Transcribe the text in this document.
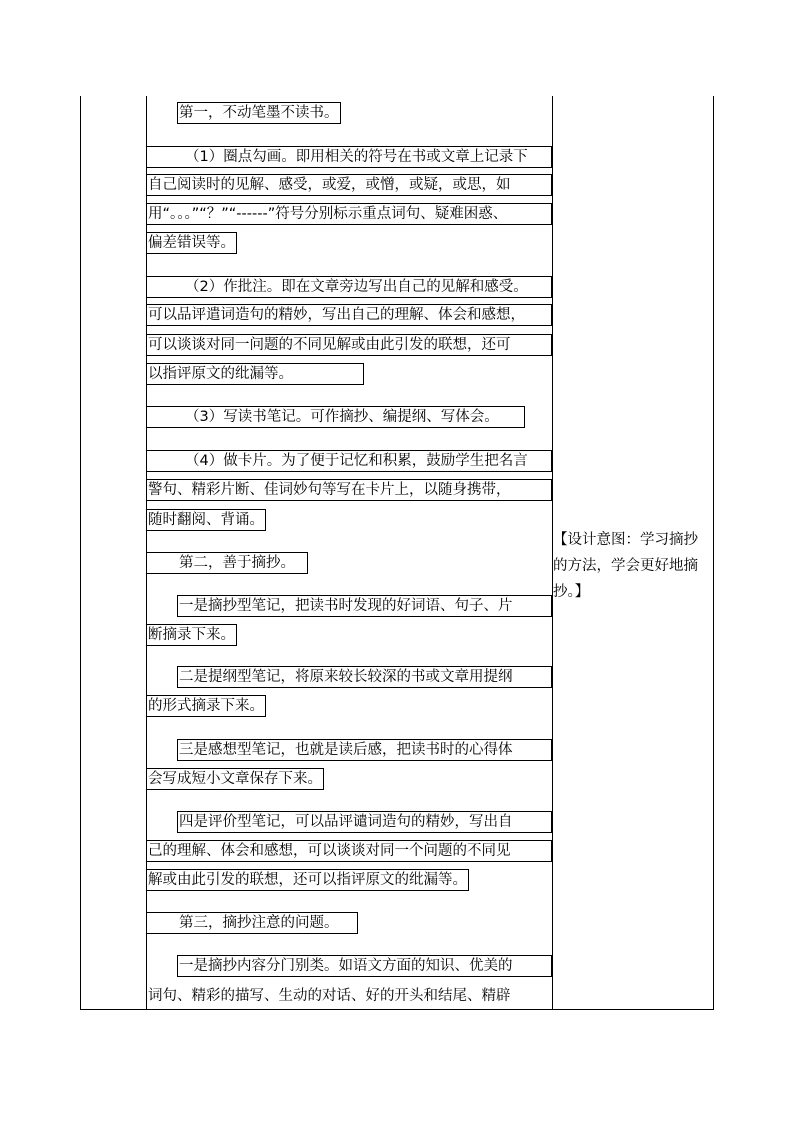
第一，不动笔墨不读书。
（1）圈点勾画。即用相关的符号在书或文章上记录下
自己阅读时的见解、感受，或爱，或憎，或疑，或思，如
用“。。。”“？”“------”符号分别标示重点词句、疑难困惑、
偏差错误等。
（2）作批注。即在文章旁边写出自己的见解和感受。
可以品评遣词造句的精妙，写出自己的理解、体会和感想，
可以谈谈对同一问题的不同见解或由此引发的联想，还可
以指评原文的纰漏等。
（3）写读书笔记。可作摘抄、编提纲、写体会。
（4）做卡片。为了便于记忆和积累，鼓励学生把名言
警句、精彩片断、佳词妙句等写在卡片上，以随身携带，
随时翻阅、背诵。
第二，善于摘抄。
一是摘抄型笔记，把读书时发现的好词语、句子、片
断摘录下来。
二是提纲型笔记，将原来较长较深的书或文章用提纲
的形式摘录下来。
三是感想型笔记，也就是读后感，把读书时的心得体
会写成短小文章保存下来。
四是评价型笔记，可以品评谴词造句的精妙，写出自
己的理解、体会和感想，可以谈谈对同一个问题的不同见
解或由此引发的联想，还可以指评原文的纰漏等。
第三，摘抄注意的问题。
一是摘抄内容分门别类。如语文方面的知识、优美的
词句、精彩的描写、生动的对话、好的开头和结尾、精辟
【设计意图：学习摘抄
的方法，学会更好地摘
抄。】
